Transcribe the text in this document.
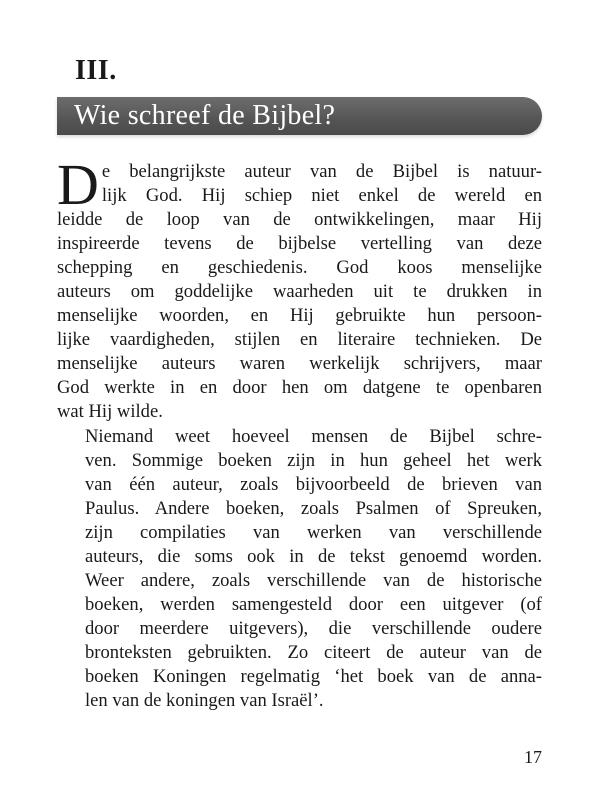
III.
Wie schreef de Bijbel?
D e belangrijkste auteur van de Bijbel is natuur-
lijk God. Hij schiep niet enkel de wereld en
leidde de loop van de ontwikkelingen, maar Hij
inspireerde tevens de bijbelse vertelling van deze
schepping en geschiedenis. God koos menselijke
auteurs om goddelijke waarheden uit te drukken in
menselijke woorden, en Hij gebruikte hun persoon-
lijke vaardigheden, stijlen en literaire technieken. De
menselijke auteurs waren werkelijk schrijvers, maar
God werkte in en door hen om datgene te openbaren
wat Hij wilde.
Niemand weet hoeveel mensen de Bijbel schre-
ven. Sommige boeken zijn in hun geheel het werk
van één auteur, zoals bijvoorbeeld de brieven van
Paulus. Andere boeken, zoals Psalmen of Spreuken,
zijn compilaties van werken van verschillende
auteurs, die soms ook in de tekst genoemd worden.
Weer andere, zoals verschillende van de historische
boeken, werden samengesteld door een uitgever (of
door meerdere uitgevers), die verschillende oudere
bronteksten gebruikten. Zo citeert de auteur van de
boeken Koningen regelmatig ‘het boek van de anna-
len van de koningen van Israël’.
17
